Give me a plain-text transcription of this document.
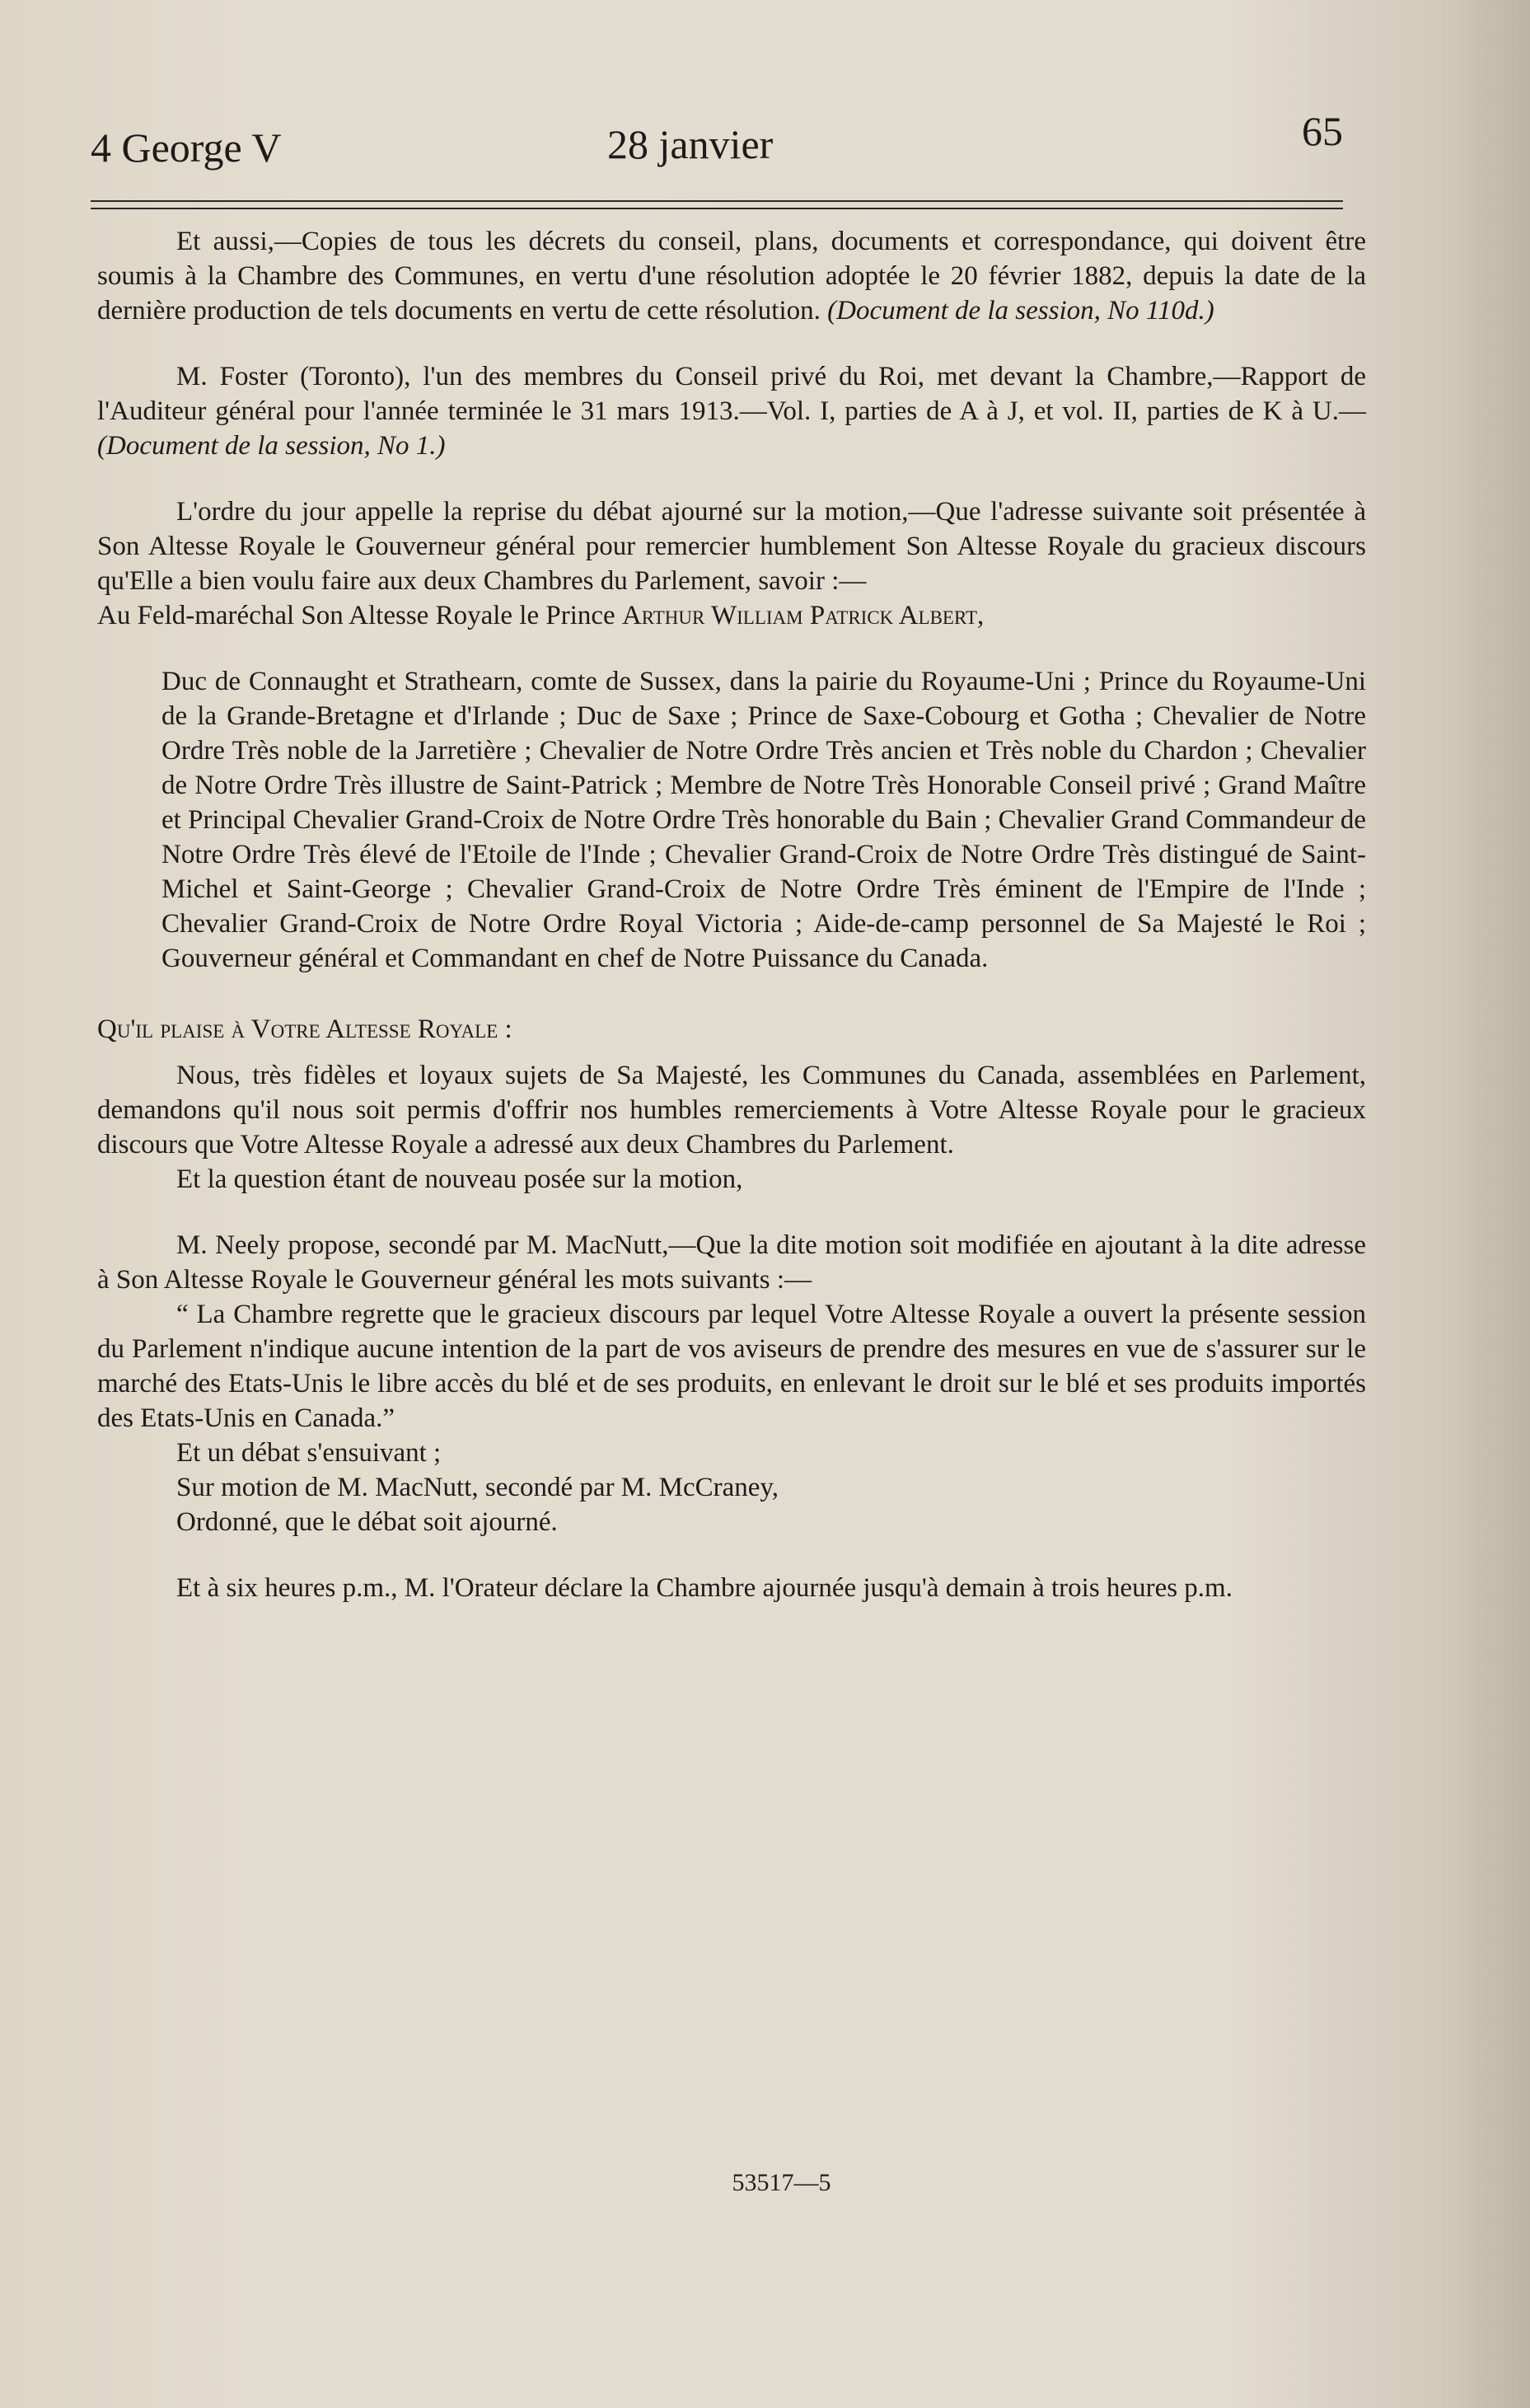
4 George V	28 janvier	65

Et aussi,—Copies de tous les décrets du conseil, plans, documents et correspondance, qui doivent être soumis à la Chambre des Communes, en vertu d'une résolution adoptée le 20 février 1882, depuis la date de la dernière production de tels documents en vertu de cette résolution. (Document de la session, No 110d.)

M. Foster (Toronto), l'un des membres du Conseil privé du Roi, met devant la Chambre,—Rapport de l'Auditeur général pour l'année terminée le 31 mars 1913.—Vol. I, parties de A à J, et vol. II, parties de K à U.—(Document de la session, No 1.)

L'ordre du jour appelle la reprise du débat ajourné sur la motion,—Que l'adresse suivante soit présentée à Son Altesse Royale le Gouverneur général pour remercier humblement Son Altesse Royale du gracieux discours qu'Elle a bien voulu faire aux deux Chambres du Parlement, savoir :—

Au Feld-maréchal Son Altesse Royale le Prince Arthur William Patrick Albert,

Duc de Connaught et Strathearn, comte de Sussex, dans la pairie du Royaume-Uni ; Prince du Royaume-Uni de la Grande-Bretagne et d'Irlande ; Duc de Saxe ; Prince de Saxe-Cobourg et Gotha ; Chevalier de Notre Ordre Très noble de la Jarretière ; Chevalier de Notre Ordre Très ancien et Très noble du Chardon ; Chevalier de Notre Ordre Très illustre de Saint-Patrick ; Membre de Notre Très Honorable Conseil privé ; Grand Maître et Principal Chevalier Grand-Croix de Notre Ordre Très honorable du Bain ; Chevalier Grand Commandeur de Notre Ordre Très élevé de l'Etoile de l'Inde ; Chevalier Grand-Croix de Notre Ordre Très distingué de Saint-Michel et Saint-George ; Chevalier Grand-Croix de Notre Ordre Très éminent de l'Empire de l'Inde ; Chevalier Grand-Croix de Notre Ordre Royal Victoria ; Aide-de-camp personnel de Sa Majesté le Roi ; Gouverneur général et Commandant en chef de Notre Puissance du Canada.

Qu'il plaise à Votre Altesse Royale :

Nous, très fidèles et loyaux sujets de Sa Majesté, les Communes du Canada, assemblées en Parlement, demandons qu'il nous soit permis d'offrir nos humbles remerciements à Votre Altesse Royale pour le gracieux discours que Votre Altesse Royale a adressé aux deux Chambres du Parlement.

Et la question étant de nouveau posée sur la motion,

M. Neely propose, secondé par M. MacNutt,—Que la dite motion soit modifiée en ajoutant à la dite adresse à Son Altesse Royale le Gouverneur général les mots suivants :—

“ La Chambre regrette que le gracieux discours par lequel Votre Altesse Royale a ouvert la présente session du Parlement n'indique aucune intention de la part de vos aviseurs de prendre des mesures en vue de s'assurer sur le marché des Etats-Unis le libre accès du blé et de ses produits, en enlevant le droit sur le blé et ses produits importés des Etats-Unis en Canada.”

Et un débat s'ensuivant ;

Sur motion de M. MacNutt, secondé par M. McCraney,

Ordonné, que le débat soit ajourné.

Et à six heures p.m., M. l'Orateur déclare la Chambre ajournée jusqu'à demain à trois heures p.m.

53517—5
